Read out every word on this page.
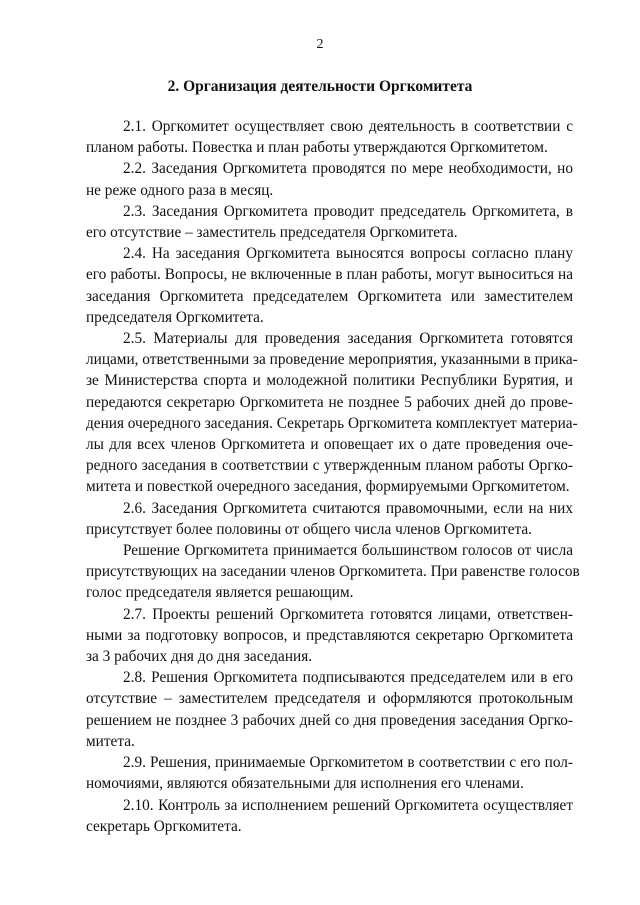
2
2. Организация деятельности Оргкомитета

2.1. Оргкомитет осуществляет свою деятельность в соответствии с
планом работы. Повестка и план работы утверждаются Оргкомитетом.

2.2. Заседания Оргкомитета проводятся по мере необходимости, но
не реже одного раза в месяц.

2.3. Заседания Оргкомитета проводит председатель Оргкомитета, в
его отсутствие – заместитель председателя Оргкомитета.

2.4. На заседания Оргкомитета выносятся вопросы согласно плану
его работы. Вопросы, не включенные в план работы, могут выноситься на
заседания Оргкомитета председателем Оргкомитета или заместителем
председателя Оргкомитета.

2.5. Материалы для проведения заседания Оргкомитета готовятся
лицами, ответственными за проведение мероприятия, указанными в прика-
зе Министерства спорта и молодежной политики Республики Бурятия, и
передаются секретарю Оргкомитета не позднее 5 рабочих дней до прове-
дения очередного заседания. Секретарь Оргкомитета комплектует материа-
лы для всех членов Оргкомитета и оповещает их о дате проведения оче-
редного заседания в соответствии с утвержденным планом работы Оргко-
митета и повесткой очередного заседания, формируемыми Оргкомитетом.

2.6. Заседания Оргкомитета считаются правомочными, если на них
присутствует более половины от общего числа членов Оргкомитета.

Решение Оргкомитета принимается большинством голосов от числа
присутствующих на заседании членов Оргкомитета. При равенстве голосов
голос председателя является решающим.

2.7. Проекты решений Оргкомитета готовятся лицами, ответствен-
ными за подготовку вопросов, и представляются секретарю Оргкомитета
за 3 рабочих дня до дня заседания.

2.8. Решения Оргкомитета подписываются председателем или в его
отсутствие – заместителем председателя и оформляются протокольным
решением не позднее 3 рабочих дней со дня проведения заседания Оргко-
митета.

2.9. Решения, принимаемые Оргкомитетом в соответствии с его пол-
номочиями, являются обязательными для исполнения его членами.

2.10. Контроль за исполнением решений Оргкомитета осуществляет
секретарь Оргкомитета.
